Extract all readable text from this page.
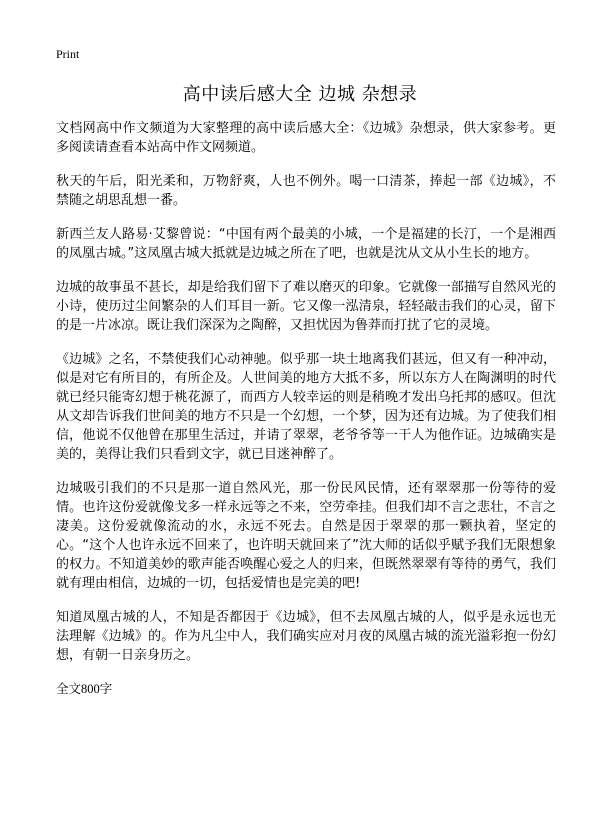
Print
高中读后感大全 边城 杂想录

文档网高中作文频道为大家整理的高中读后感大全：《边城》杂想录，供大家参考。更多阅读请查看本站高中作文网频道。

秋天的午后，阳光柔和，万物舒爽，人也不例外。喝一口清茶，捧起一部《边城》，不禁随之胡思乱想一番。

新西兰友人路易·艾黎曾说：“中国有两个最美的小城，一个是福建的长汀，一个是湘西的凤凰古城。”这凤凰古城大抵就是边城之所在了吧，也就是沈从文从小生长的地方。

边城的故事虽不甚长，却是给我们留下了难以磨灭的印象。它就像一部描写自然风光的小诗，使历过尘间繁杂的人们耳目一新。它又像一泓清泉，轻轻敲击我们的心灵，留下的是一片冰凉。既让我们深深为之陶醉，又担忧因为鲁莽而打扰了它的灵境。

《边城》之名，不禁使我们心动神驰。似乎那一块土地离我们甚远，但又有一种冲动，似是对它有所目的，有所企及。人世间美的地方大抵不多，所以东方人在陶渊明的时代就已经只能寄幻想于桃花源了，而西方人较幸运的则是稍晚才发出乌托邦的感叹。但沈从文却告诉我们世间美的地方不只是一个幻想，一个梦，因为还有边城。为了使我们相信，他说不仅他曾在那里生活过，并请了翠翠，老爷爷等一干人为他作证。边城确实是美的，美得让我们只看到文字，就已目迷神醉了。

边城吸引我们的不只是那一道自然风光，那一份民风民情，还有翠翠那一份等待的爱情。也许这份爱就像戈多一样永远等之不来，空劳牵挂。但我们却不言之悲壮，不言之凄美。这份爱就像流动的水，永远不死去。自然是因于翠翠的那一颗执着，坚定的心。“这个人也许永远不回来了，也许明天就回来了”沈大师的话似乎赋予我们无限想象的权力。不知道美妙的歌声能否唤醒心爱之人的归来，但既然翠翠有等待的勇气，我们就有理由相信，边城的一切，包括爱情也是完美的吧!

知道凤凰古城的人，不知是否都因于《边城》，但不去凤凰古城的人，似乎是永远也无法理解《边城》的。作为凡尘中人，我们确实应对月夜的凤凰古城的流光溢彩抱一份幻想，有朝一日亲身历之。

全文800字
